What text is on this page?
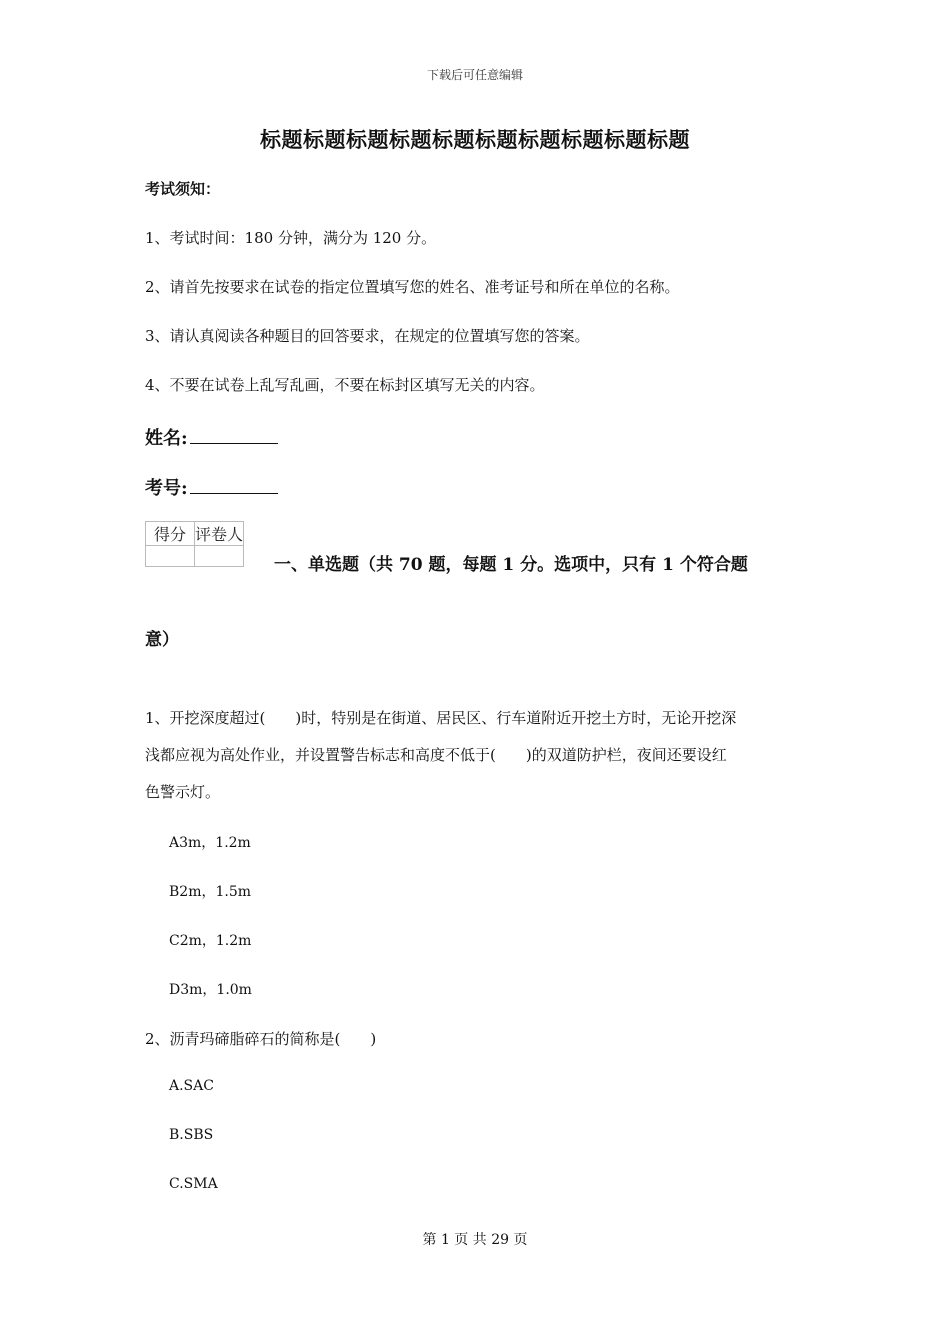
下载后可任意编辑
标题标题标题标题标题标题标题标题标题标题
考试须知：
1、考试时间：180 分钟，满分为 120 分。
2、请首先按要求在试卷的指定位置填写您的姓名、准考证号和所在单位的名称。
3、请认真阅读各种题目的回答要求，在规定的位置填写您的答案。
4、不要在试卷上乱写乱画，不要在标封区填写无关的内容。
姓名:
考号:
得分	评卷人

一、单选题（共 70 题，每题 1 分。选项中，只有 1 个符合题
意）
1、开挖深度超过(　　)时，特别是在街道、居民区、行车道附近开挖土方时，无论开挖深
浅都应视为高处作业，并设置警告标志和高度不低于(　　)的双道防护栏，夜间还要设红
色警示灯。
A3m，1.2m
B2m，1.5m
C2m，1.2m
D3m，1.0m
2、沥青玛碲脂碎石的简称是(　　)
A.SAC
B.SBS
C.SMA
第 1 页 共 29 页
